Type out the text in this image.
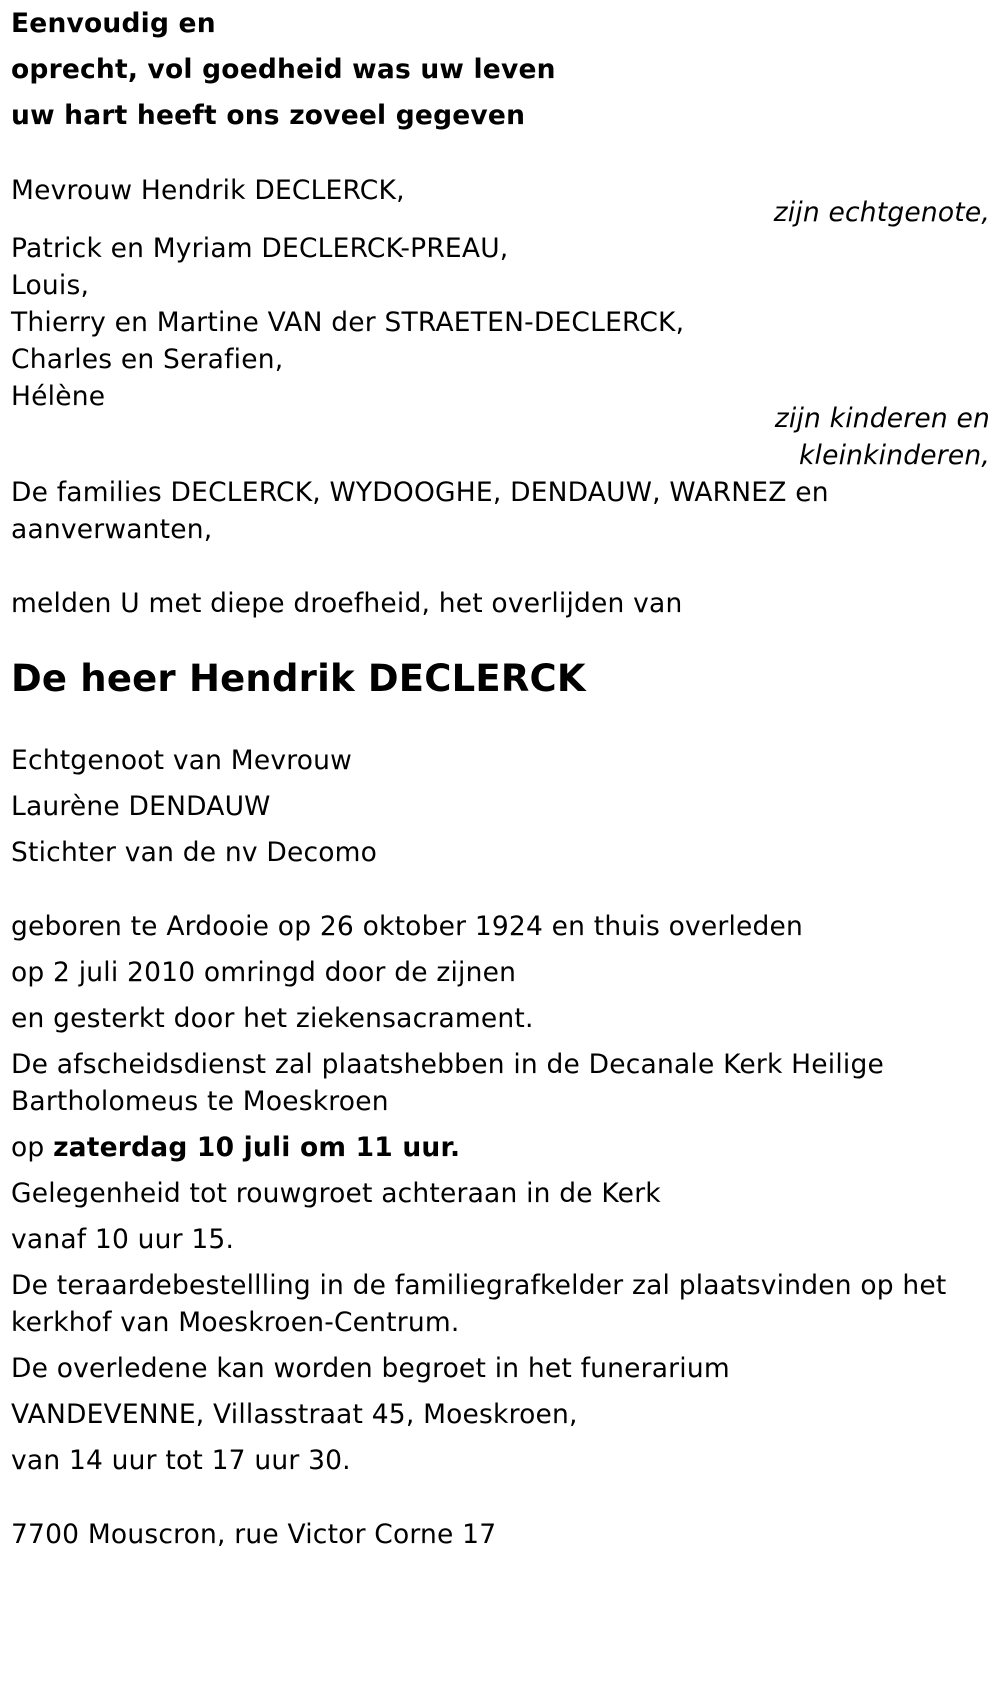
Eenvoudig en
oprecht, vol goedheid was uw leven
uw hart heeft ons zoveel gegeven
Mevrouw Hendrik DECLERCK,
zijn echtgenote,
Patrick en Myriam DECLERCK-PREAU,
Louis,
Thierry en Martine VAN der STRAETEN-DECLERCK,
Charles en Serafien,
Hélène
zijn kinderen en
kleinkinderen,
De families DECLERCK, WYDOOGHE, DENDAUW, WARNEZ en
aanverwanten,
melden U met diepe droefheid, het overlijden van
De heer Hendrik DECLERCK
Echtgenoot van Mevrouw
Laurène DENDAUW
Stichter van de nv Decomo
geboren te Ardooie op 26 oktober 1924 en thuis overleden
op 2 juli 2010 omringd door de zijnen
en gesterkt door het ziekensacrament.
De afscheidsdienst zal plaatshebben in de Decanale Kerk Heilige
Bartholomeus te Moeskroen
op zaterdag 10 juli om 11 uur.
Gelegenheid tot rouwgroet achteraan in de Kerk
vanaf 10 uur 15.
De teraardebestellling in de familiegrafkelder zal plaatsvinden op het
kerkhof van Moeskroen-Centrum.
De overledene kan worden begroet in het funerarium
VANDEVENNE, Villasstraat 45, Moeskroen,
van 14 uur tot 17 uur 30.
7700 Mouscron, rue Victor Corne 17
